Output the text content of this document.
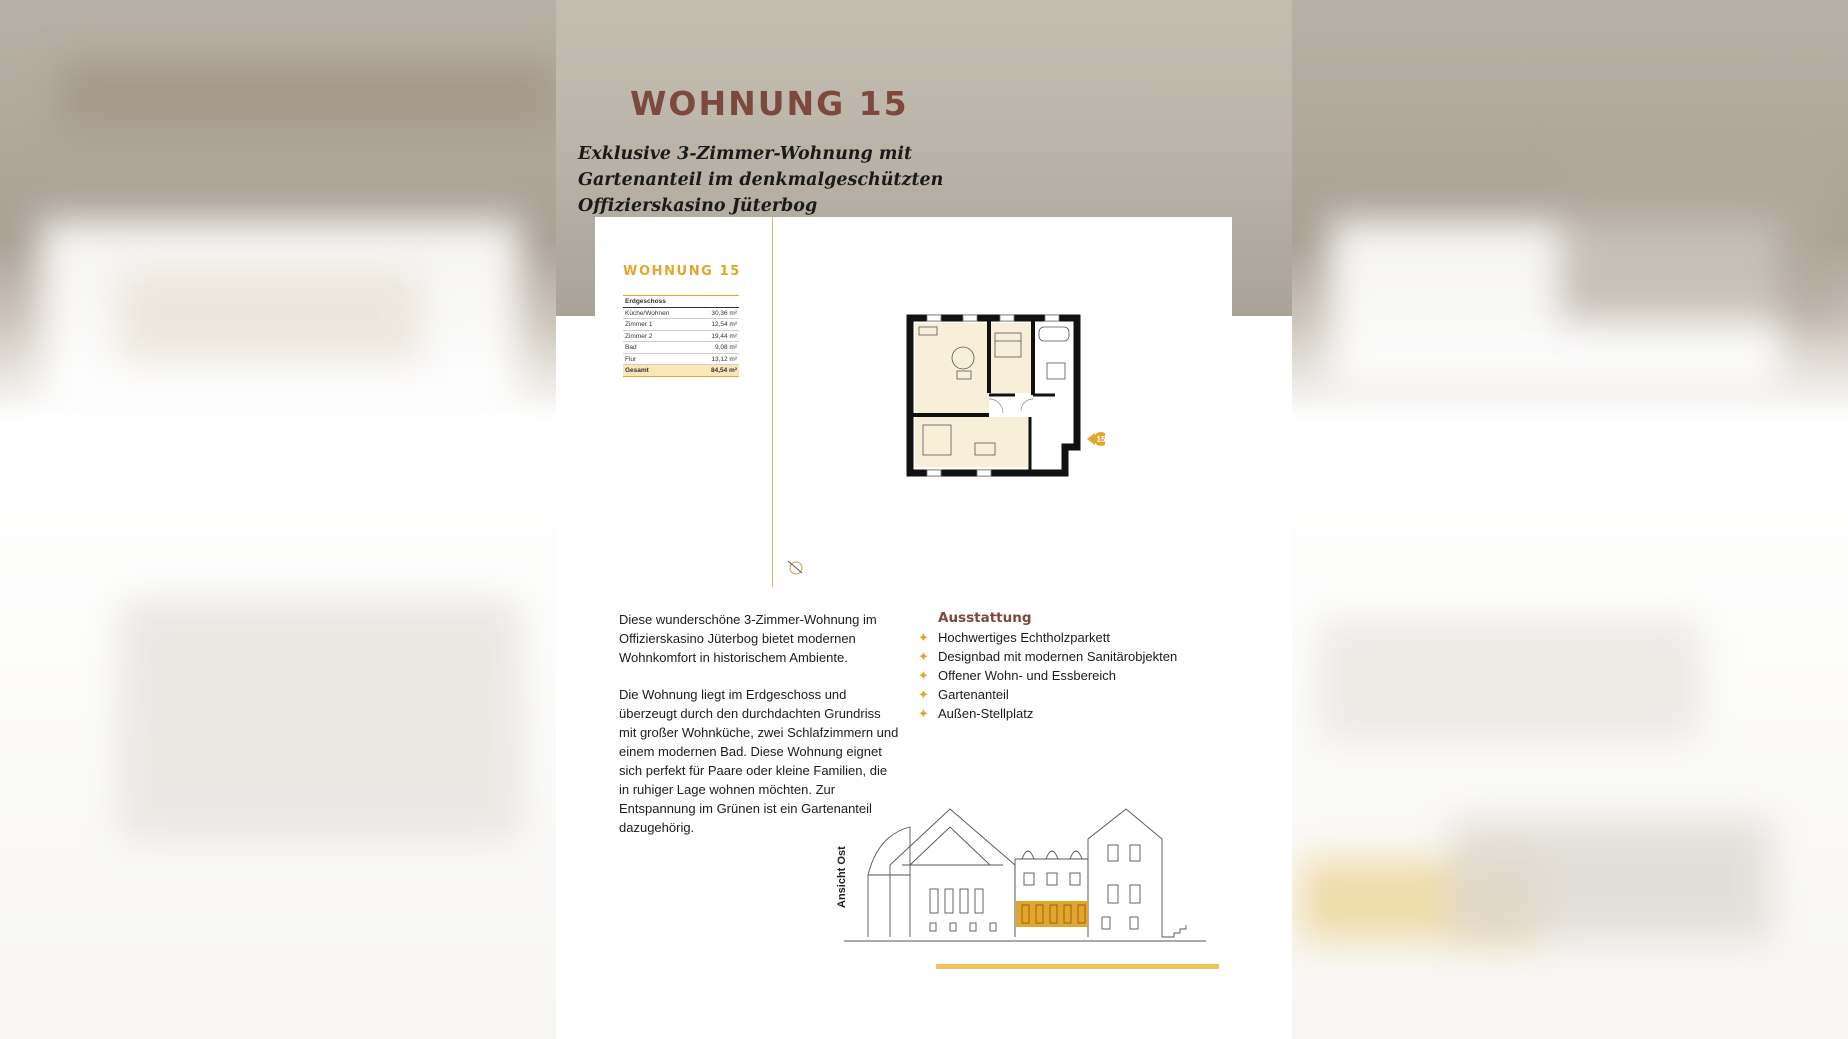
WOHNUNG 15
Exklusive 3-Zimmer-Wohnung mit Gartenanteil im denkmalgeschützten Offizierskasino Jüterbog
WOHNUNG 15
Erdgeschoss
Küche/Wohnen	30,36 m²
Zimmer 1	12,54 m²
Zimmer 2	19,44 m²
Bad	9,08 m²
Flur	13,12 m²
Gesamt	84,54 m²
15

Diese wunderschöne 3-Zimmer-Wohnung im Offizierskasino Jüterbog bietet modernen Wohnkomfort in historischem Ambiente.

Die Wohnung liegt im Erdgeschoss und überzeugt durch den durchdachten Grundriss mit großer Wohnküche, zwei Schlafzimmern und einem modernen Bad. Diese Wohnung eignet sich perfekt für Paare oder kleine Familien, die in ruhiger Lage wohnen möchten. Zur Entspannung im Grünen ist ein Gartenanteil dazugehörig.

Ausstattung
✦ Hochwertiges Echtholzparkett
✦ Designbad mit modernen Sanitärobjekten
✦ Offener Wohn- und Essbereich
✦ Gartenanteil
✦ Außen-Stellplatz
Ansicht Ost
